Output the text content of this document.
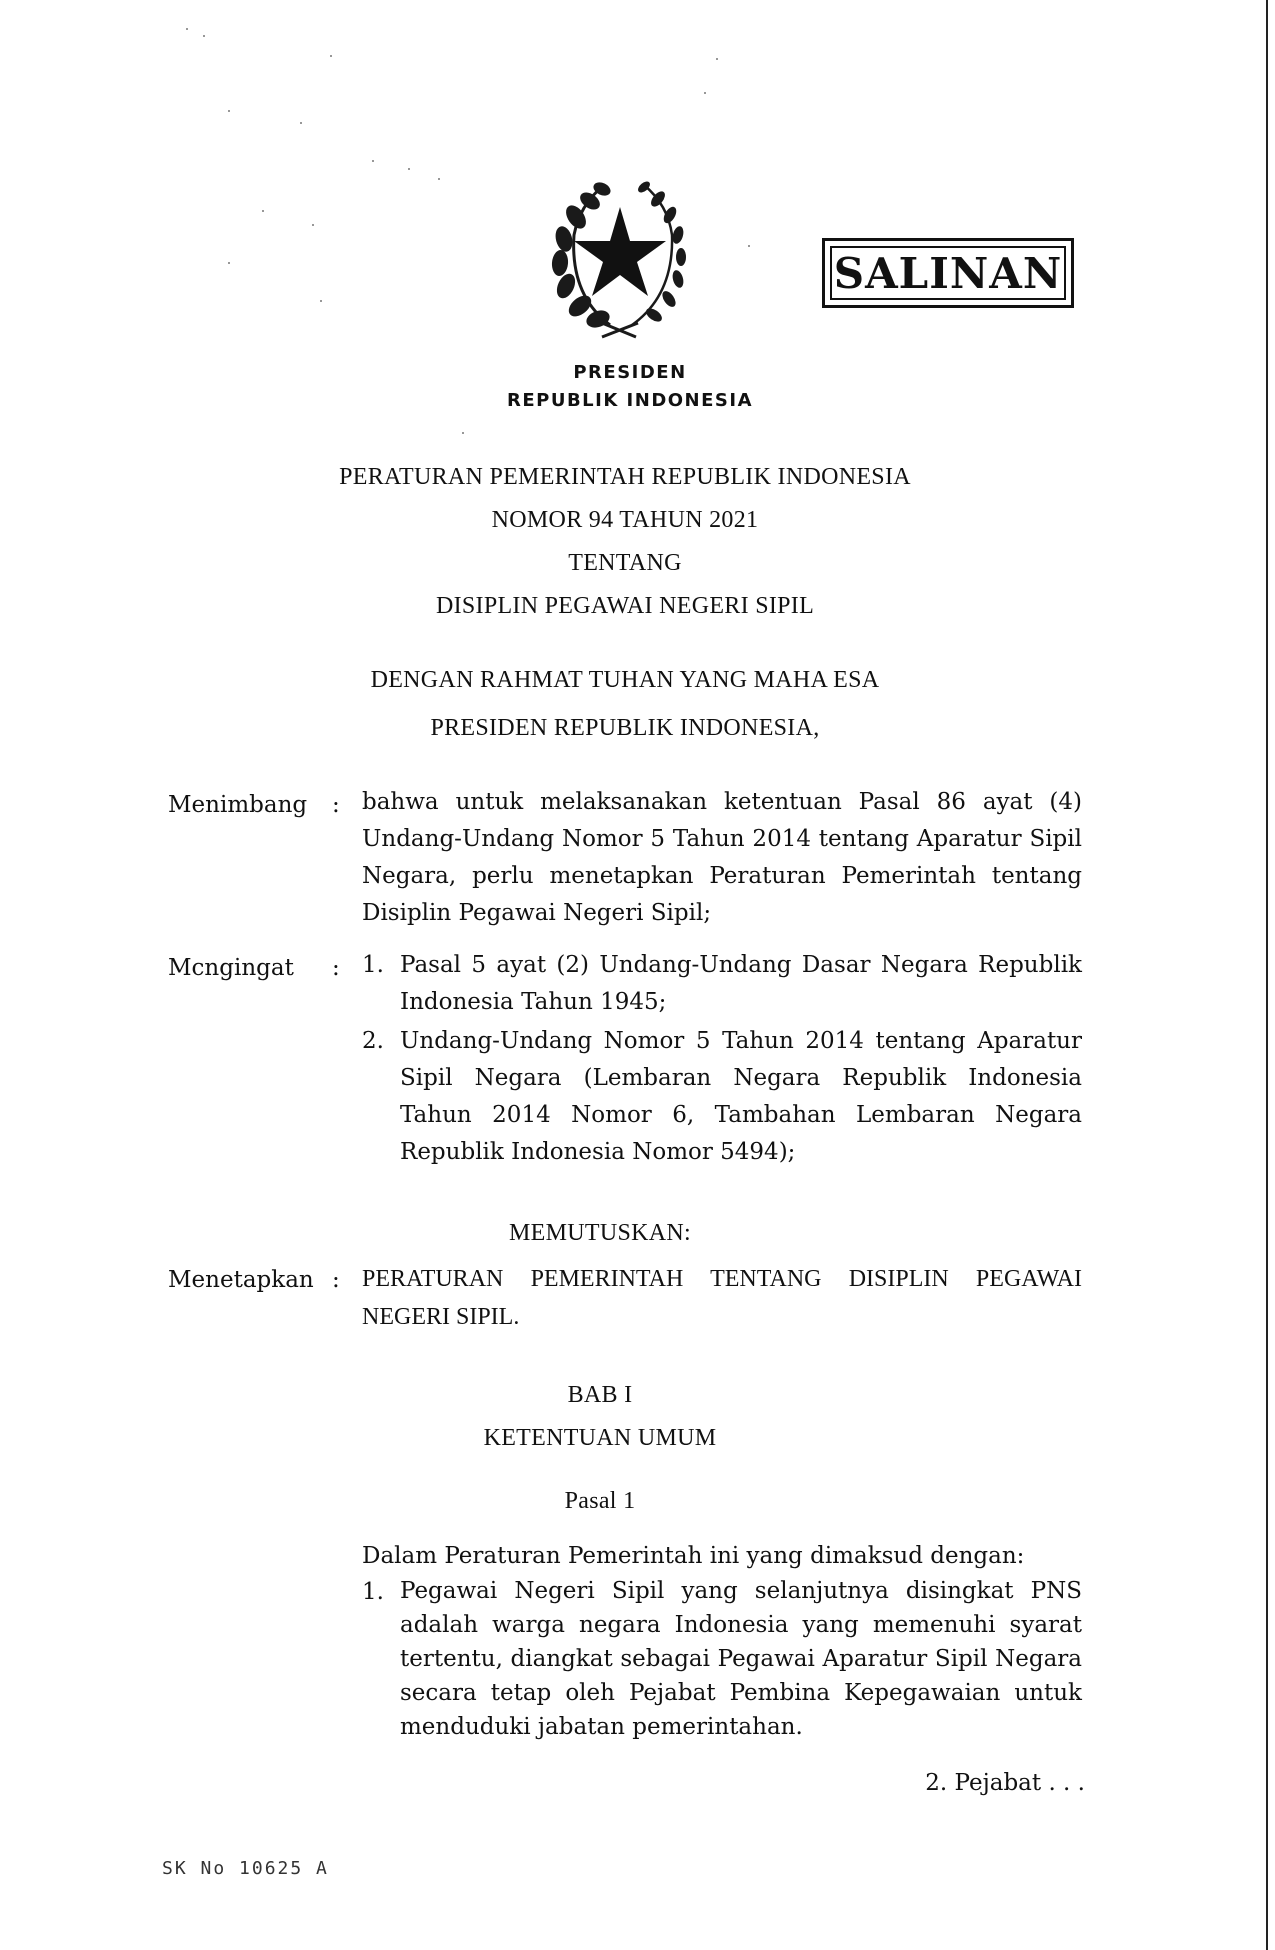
SALINAN
PRESIDEN
REPUBLIK INDONESIA
PERATURAN PEMERINTAH REPUBLIK INDONESIA
NOMOR 94 TAHUN 2021
TENTANG
DISIPLIN PEGAWAI NEGERI SIPIL
DENGAN RAHMAT TUHAN YANG MAHA ESA
PRESIDEN REPUBLIK INDONESIA,
Menimbang : bahwa untuk melaksanakan ketentuan Pasal 86 ayat (4) Undang-Undang Nomor 5 Tahun 2014 tentang Aparatur Sipil Negara, perlu menetapkan Peraturan Pemerintah tentang Disiplin Pegawai Negeri Sipil;
Mcngingat : 1. Pasal 5 ayat (2) Undang-Undang Dasar Negara Republik Indonesia Tahun 1945;
2. Undang-Undang Nomor 5 Tahun 2014 tentang Aparatur Sipil Negara (Lembaran Negara Republik Indonesia Tahun 2014 Nomor 6, Tambahan Lembaran Negara Republik Indonesia Nomor 5494);
MEMUTUSKAN:
Menetapkan : PERATURAN PEMERINTAH TENTANG DISIPLIN PEGAWAI NEGERI SIPIL.
BAB I
KETENTUAN UMUM
Pasal 1
Dalam Peraturan Pemerintah ini yang dimaksud dengan:
1. Pegawai Negeri Sipil yang selanjutnya disingkat PNS adalah warga negara Indonesia yang memenuhi syarat tertentu, diangkat sebagai Pegawai Aparatur Sipil Negara secara tetap oleh Pejabat Pembina Kepegawaian untuk menduduki jabatan pemerintahan.
2. Pejabat . . .
SK No 10625 A
